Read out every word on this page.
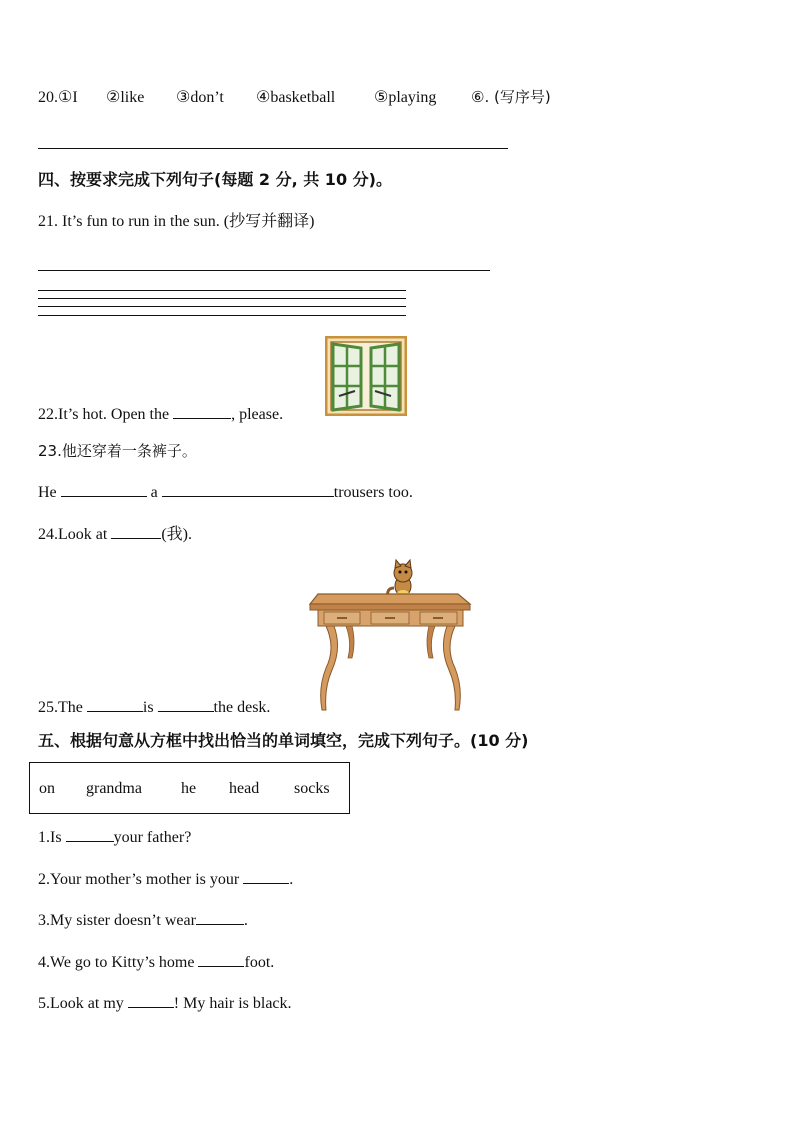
20.①I ②like ③don’t ④basketball ⑤playing ⑥. (写序号)
四、按要求完成下列句子(每题 2 分, 共 10 分)。
21. It’s fun to run in the sun. (抄写并翻译)
22.It’s hot. Open the	, please.
23.他还穿着一条裤子。
He	a	trousers too.
24.Look at	(我).
25.The	is	the desk.
五、根据句意从方框中找出恰当的单词填空，完成下列句子。(10 分)
on grandma he head socks
1.Is	your father?
2.Your mother’s mother is your	.
3.My sister doesn’t wear	.
4.We go to Kitty’s home	foot.
5.Look at my	! My hair is black.
